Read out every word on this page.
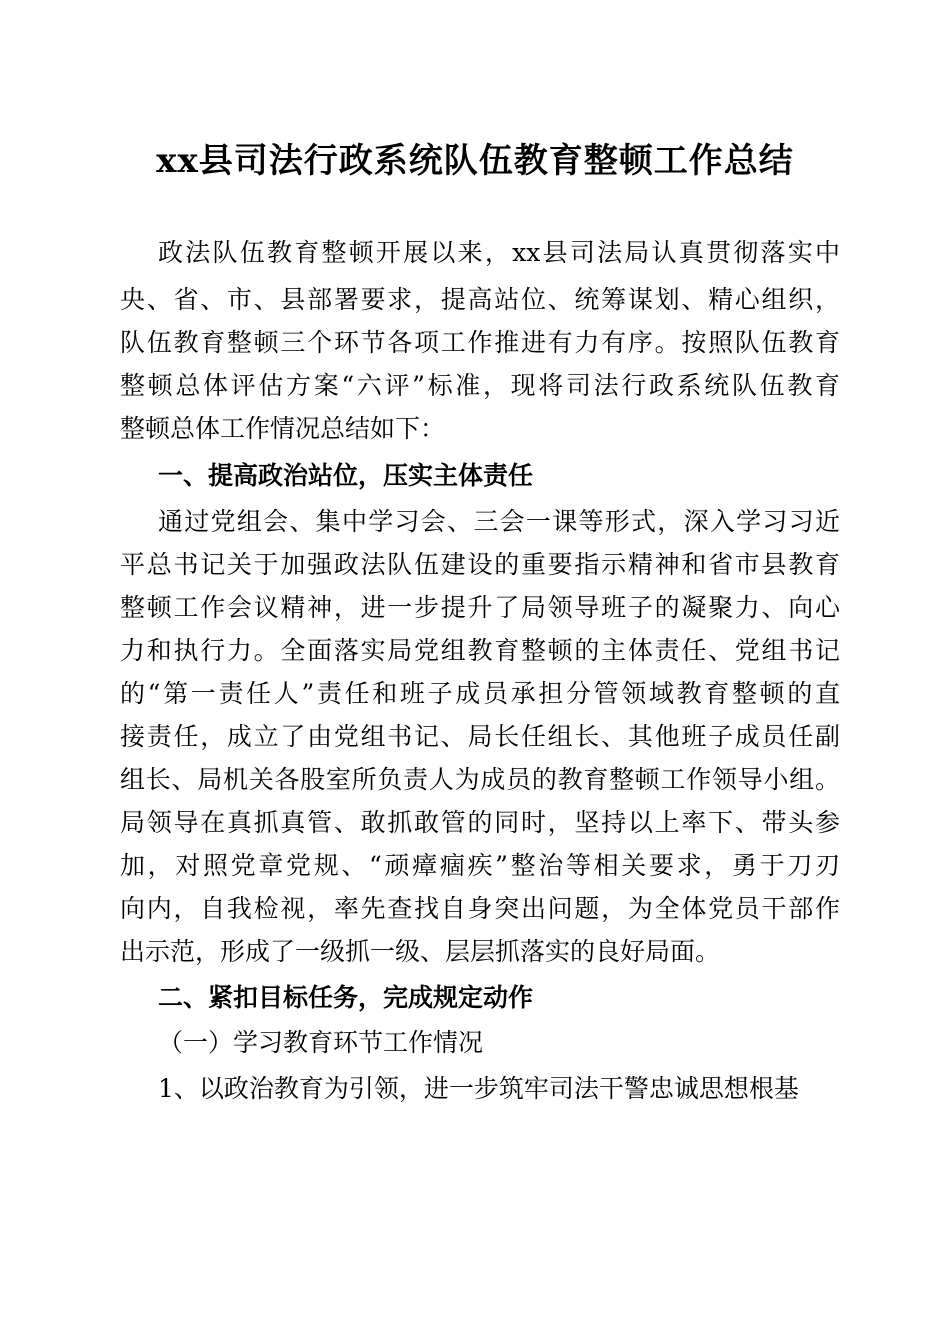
xx县司法行政系统队伍教育整顿工作总结
政法队伍教育整顿开展以来，xx县司法局认真贯彻落实中
央、省、市、县部署要求，提高站位、统筹谋划、精心组织，
队伍教育整顿三个环节各项工作推进有力有序。按照队伍教育
整顿总体评估方案“六评”标准，现将司法行政系统队伍教育
整顿总体工作情况总结如下：
一、提高政治站位，压实主体责任
通过党组会、集中学习会、三会一课等形式，深入学习习近
平总书记关于加强政法队伍建设的重要指示精神和省市县教育
整顿工作会议精神，进一步提升了局领导班子的凝聚力、向心
力和执行力。全面落实局党组教育整顿的主体责任、党组书记
的“第一责任人”责任和班子成员承担分管领域教育整顿的直
接责任，成立了由党组书记、局长任组长、其他班子成员任副
组长、局机关各股室所负责人为成员的教育整顿工作领导小组。
局领导在真抓真管、敢抓敢管的同时，坚持以上率下、带头参
加，对照党章党规、“顽瘴痼疾”整治等相关要求，勇于刀刃
向内，自我检视，率先查找自身突出问题，为全体党员干部作
出示范，形成了一级抓一级、层层抓落实的良好局面。
二、紧扣目标任务，完成规定动作
（一）学习教育环节工作情况
1、以政治教育为引领，进一步筑牢司法干警忠诚思想根基
